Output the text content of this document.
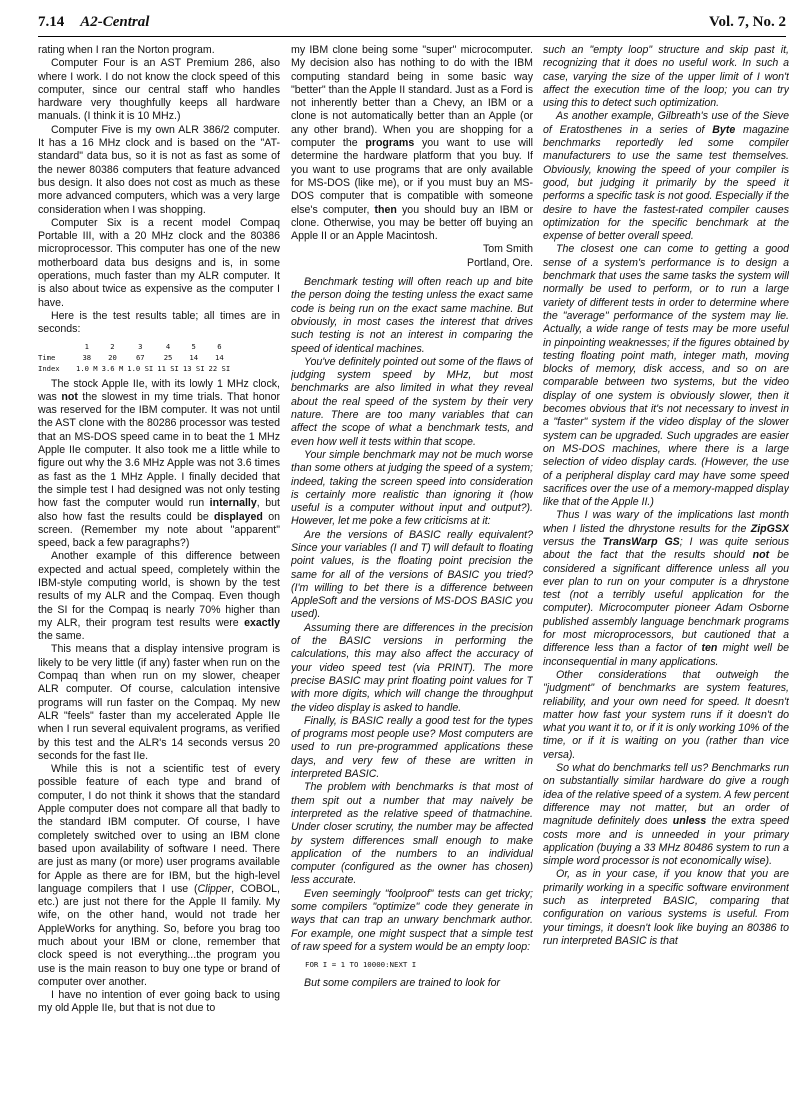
7.14 A2-Central	Vol. 7, No. 2

rating when I ran the Norton program.

Computer Four is an AST Premium 286, also where I work. I do not know the clock speed of this computer, since our central staff who handles hardware very thoughfully keeps all hardware manuals. (I think it is 10 MHz.)

Computer Five is my own ALR 386/2 computer. It has a 16 MHz clock and is based on the "AT-standard" data bus, so it is not as fast as some of the newer 80386 computers that feature advanced bus design. It also does not cost as much as these more advanced computers, which was a very large consideration when I was shopping.

Computer Six is a recent model Compaq Portable III, with a 20 MHz clock and the 80386 microprocessor. This computer has one of the new motherboard data bus designs and is, in some operations, much faster than my ALR computer. It is also about twice as expensive as the computer I have.

Here is the test results table; all times are in seconds:

	1	2	3	4	5	6
Time	38	20	67	25	14	14
Index	1.0 M	3.6 M	1.0 SI	11 SI	13 SI	22 SI

The stock Apple IIe, with its lowly 1 MHz clock, was not the slowest in my time trials. That honor was reserved for the IBM computer. It was not until the AST clone with the 80286 processor was tested that an MS-DOS speed came in to beat the 1 MHz Apple IIe computer. It also took me a little while to figure out why the 3.6 MHz Apple was not 3.6 times as fast as the 1 MHz Apple. I finally decided that the simple test I had designed was not only testing how fast the computer would run internally, but also how fast the results could be displayed on screen. (Remember my note about "apparent" speed, back a few paragraphs?)

Another example of this difference between expected and actual speed, completely within the IBM-style computing world, is shown by the test results of my ALR and the Compaq. Even though the SI for the Compaq is nearly 70% higher than my ALR, their program test results were exactly the same.

This means that a display intensive program is likely to be very little (if any) faster when run on the Compaq than when run on my slower, cheaper ALR computer. Of course, calculation intensive programs will run faster on the Compaq. My new ALR "feels" faster than my accelerated Apple IIe when I run several equivalent programs, as verified by this test and the ALR's 14 seconds versus 20 seconds for the fast IIe.

While this is not a scientific test of every possible feature of each type and brand of computer, I do not think it shows that the standard Apple computer does not compare all that badly to the standard IBM computer. Of course, I have completely switched over to using an IBM clone based upon availability of software I need. There are just as many (or more) user programs available for Apple as there are for IBM, but the high-level language compilers that I use (Clipper, COBOL, etc.) are just not there for the Apple II family. My wife, on the other hand, would not trade her AppleWorks for anything. So, before you brag too much about your IBM or clone, remember that clock speed is not everything...the program you use is the main reason to buy one type or brand of computer over another.

I have no intention of ever going back to using my old Apple IIe, but that is not due to

my IBM clone being some "super" microcomputer. My decision also has nothing to do with the IBM computing standard being in some basic way "better" than the Apple II standard. Just as a Ford is not inherently better than a Chevy, an IBM or a clone is not automatically better than an Apple (or any other brand). When you are shopping for a computer the programs you want to use will determine the hardware platform that you buy. If you want to use programs that are only available for MS-DOS (like me), or if you must buy an MS-DOS computer that is compatible with someone else's computer, then you should buy an IBM or clone. Otherwise, you may be better off buying an Apple II or an Apple Macintosh.

Tom Smith

Portland, Ore.

Benchmark testing will often reach up and bite the person doing the testing unless the exact same code is being run on the exact same machine. But obviously, in most cases the interest that drives such testing is not an interest in comparing the speed of identical machines.

You've definitely pointed out some of the flaws of judging system speed by MHz, but most benchmarks are also limited in what they reveal about the real speed of the system by their very nature. There are too many variables that can affect the scope of what a benchmark tests, and even how well it tests within that scope.

Your simple benchmark may not be much worse than some others at judging the speed of a system; indeed, taking the screen speed into consideration is certainly more realistic than ignoring it (how useful is a computer without input and output?). However, let me poke a few criticisms at it:

Are the versions of BASIC really equivalent? Since your variables (I and T) will default to floating point values, is the floating point precision the same for all of the versions of BASIC you tried? (I'm willing to bet there is a difference between AppleSoft and the versions of MS-DOS BASIC you used).

Assuming there are differences in the precision of the BASIC versions in performing the calculations, this may also affect the accuracy of your video speed test (via PRINT). The more precise BASIC may print floating point values for T with more digits, which will change the throughput the video display is asked to handle.

Finally, is BASIC really a good test for the types of programs most people use? Most computers are used to run pre-programmed applications these days, and very few of these are written in interpreted BASIC.

The problem with benchmarks is that most of them spit out a number that may naively be interpreted as the relative speed of thatmachine. Under closer scrutiny, the number may be affected by system differences small enough to make application of the numbers to an individual computer (configured as the owner has chosen) less accurate.

Even seemingly "foolproof" tests can get tricky; some compilers "optimize" code they generate in ways that can trap an unwary benchmark author. For example, one might suspect that a simple test of raw speed for a system would be an empty loop:

FOR I = 1 TO 10000:NEXT I

But some compilers are trained to look for

such an "empty loop" structure and skip past it, recognizing that it does no useful work. In such a case, varying the size of the upper limit of I won't affect the execution time of the loop; you can try using this to detect such optimization.

As another example, Gilbreath's use of the Sieve of Eratosthenes in a series of Byte magazine benchmarks reportedly led some compiler manufacturers to use the same test themselves. Obviously, knowing the speed of your compiler is good, but judging it primarily by the speed it performs a specific task is not good. Especially if the desire to have the fastest-rated compiler causes optimization for the specific benchmark at the expense of better overall speed.

The closest one can come to getting a good sense of a system's performance is to design a benchmark that uses the same tasks the system will normally be used to perform, or to run a large variety of different tests in order to determine where the "average" performance of the system may lie. Actually, a wide range of tests may be more useful in pinpointing weaknesses; if the figures obtained by testing floating point math, integer math, moving blocks of memory, disk access, and so on are comparable between two systems, but the video display of one system is obviously slower, then it becomes obvious that it's not necessary to invest in a "faster" system if the video display of the slower system can be upgraded. Such upgrades are easier on MS-DOS machines, where there is a large selection of video display cards. (However, the use of a peripheral display card may have some speed sacrifices over the use of a memory-mapped display like that of the Apple II.)

Thus I was wary of the implications last month when I listed the dhrystone results for the ZipGSX versus the TransWarp GS; I was quite serious about the fact that the results should not be considered a significant difference unless all you ever plan to run on your computer is a dhrystone test (not a terribly useful application for the computer). Microcomputer pioneer Adam Osborne published assembly language benchmark programs for most microprocessors, but cautioned that a difference less than a factor of ten might well be inconsequential in many applications.

Other considerations that outweigh the "judgment" of benchmarks are system features, reliability, and your own need for speed. It doesn't matter how fast your system runs if it doesn't do what you want it to, or if it is only working 10% of the time, or if it is waiting on you (rather than vice versa).

So what do benchmarks tell us? Benchmarks run on substantially similar hardware do give a rough idea of the relative speed of a system. A few percent difference may not matter, but an order of magnitude definitely does unless the extra speed costs more and is unneeded in your primary application (buying a 33 MHz 80486 system to run a simple word processor is not economically wise).

Or, as in your case, if you know that you are primarily working in a specific software environment such as interpreted BASIC, comparing that configuration on various systems is useful. From your timings, it doesn't look like buying an 80386 to run interpreted BASIC is that
